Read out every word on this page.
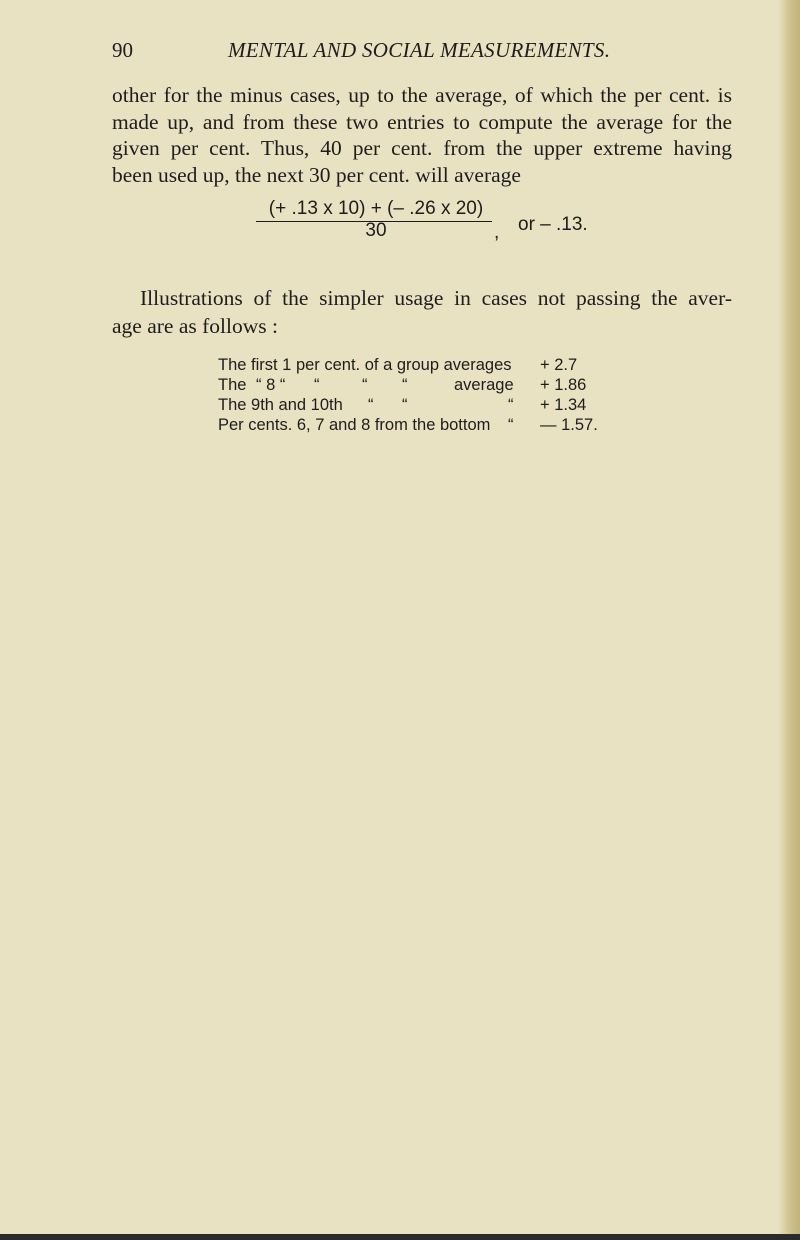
90	MENTAL AND SOCIAL MEASUREMENTS.
other for the minus cases, up to the average, of which the per cent. is
made up, and from these two entries to compute the average for the
given per cent. Thus, 40 per cent. from the upper extreme having
been used up, the next 30 per cent. will average
(+ .13 x 10) + (– .26 x 20)
30	, or – .13.
Illustrations of the simpler usage in cases not passing the aver-
age are as follows :
The first 1 per cent. of a group averages + 2.7
The “ 8 “ “	“ “	average + 1.86
The 9th and 10th “ “	“ + 1.34
Per cents. 6, 7 and 8 from the bottom “ — 1.57.
